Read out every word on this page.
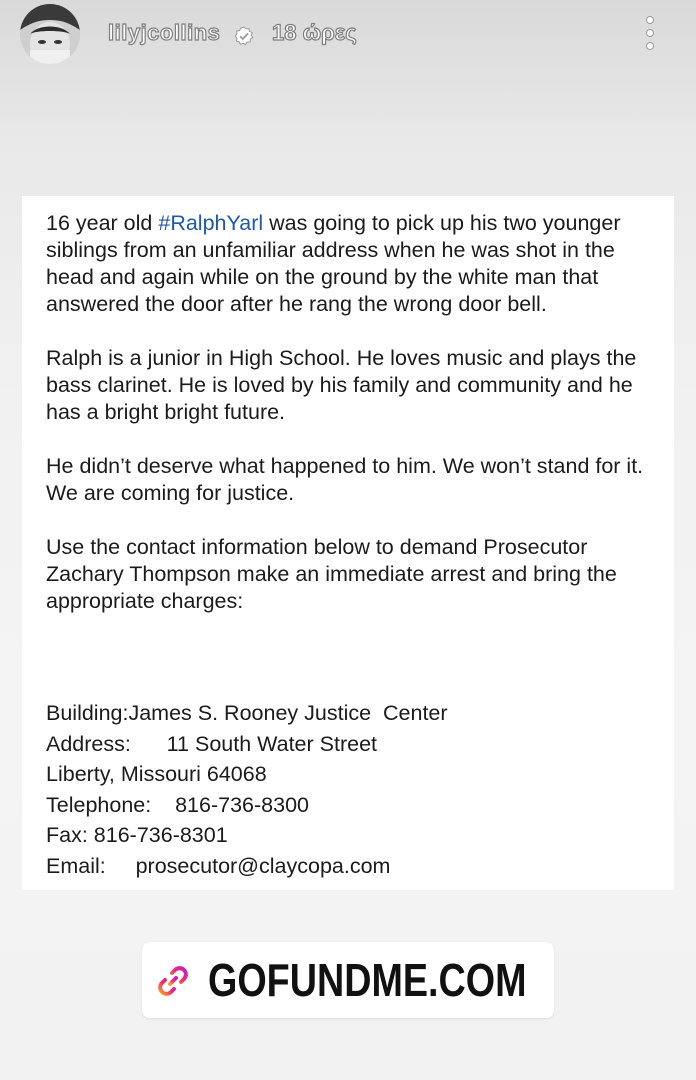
lilyjcollins 18 ώρες

16 year old #RalphYarl was going to pick up his two younger siblings from an unfamiliar address when he was shot in the head and again while on the ground by the white man that answered the door after he rang the wrong door bell.

Ralph is a junior in High School. He loves music and plays the bass clarinet. He is loved by his family and community and he has a bright bright future.

He didn’t deserve what happened to him. We won’t stand for it. We are coming for justice.

Use the contact information below to demand Prosecutor Zachary Thompson make an immediate arrest and bring the appropriate charges:

Building:James S. Rooney Justice  Center
Address:      11 South Water Street
Liberty, Missouri 64068
Telephone:    816-736-8300
Fax: 816-736-8301
Email:     prosecutor@claycopa.com
GOFUNDME.COM
